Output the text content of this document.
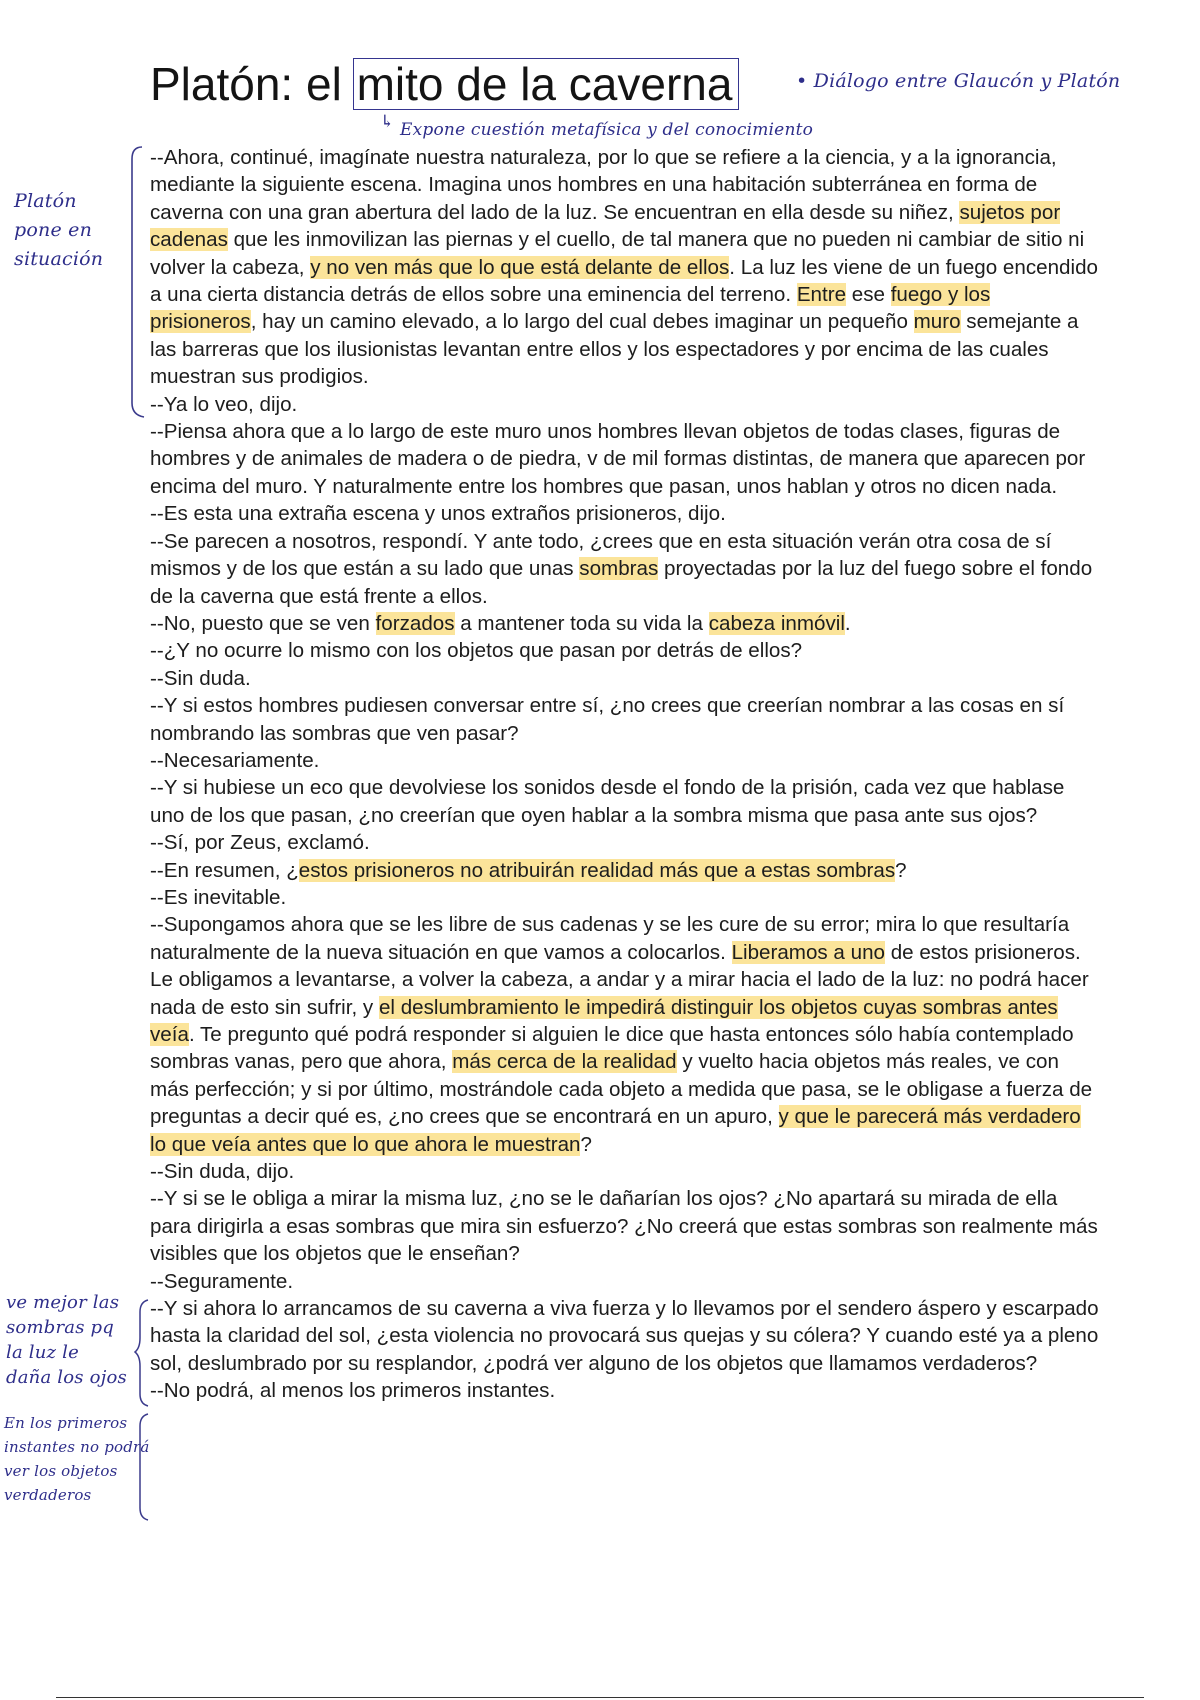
Platón: el mito de la caverna	• Diálogo entre Glaucón y Platón
↳ Expone cuestión metafísica y del conocimiento
Platón
pone en
situación
ve mejor las
sombras pq
la luz le
daña los ojos
En los primeros
instantes no podrá
ver los objetos
verdaderos

--Ahora, continué, imagínate nuestra naturaleza, por lo que se refiere a la ciencia, y a la ignorancia, mediante la siguiente escena. Imagina unos hombres en una habitación subterránea en forma de caverna con una gran abertura del lado de la luz. Se encuentran en ella desde su niñez, sujetos por cadenas que les inmovilizan las piernas y el cuello, de tal manera que no pueden ni cambiar de sitio ni volver la cabeza, y no ven más que lo que está delante de ellos. La luz les viene de un fuego encendido a una cierta distancia detrás de ellos sobre una eminencia del terreno. Entre ese fuego y los prisioneros, hay un camino elevado, a lo largo del cual debes imaginar un pequeño muro semejante a las barreras que los ilusionistas levantan entre ellos y los espectadores y por encima de las cuales muestran sus prodigios.

--Ya lo veo, dijo.

--Piensa ahora que a lo largo de este muro unos hombres llevan objetos de todas clases, figuras de hombres y de animales de madera o de piedra, v de mil formas distintas, de manera que aparecen por encima del muro. Y naturalmente entre los hombres que pasan, unos hablan y otros no dicen nada.

--Es esta una extraña escena y unos extraños prisioneros, dijo.

--Se parecen a nosotros, respondí. Y ante todo, ¿crees que en esta situación verán otra cosa de sí mismos y de los que están a su lado que unas sombras proyectadas por la luz del fuego sobre el fondo de la caverna que está frente a ellos.

--No, puesto que se ven forzados a mantener toda su vida la cabeza inmóvil.

--¿Y no ocurre lo mismo con los objetos que pasan por detrás de ellos?

--Sin duda.

--Y si estos hombres pudiesen conversar entre sí, ¿no crees que creerían nombrar a las cosas en sí nombrando las sombras que ven pasar?

--Necesariamente.

--Y si hubiese un eco que devolviese los sonidos desde el fondo de la prisión, cada vez que hablase uno de los que pasan, ¿no creerían que oyen hablar a la sombra misma que pasa ante sus ojos?

--Sí, por Zeus, exclamó.

--En resumen, ¿estos prisioneros no atribuirán realidad más que a estas sombras?

--Es inevitable.

--Supongamos ahora que se les libre de sus cadenas y se les cure de su error; mira lo que resultaría naturalmente de la nueva situación en que vamos a colocarlos. Liberamos a uno de estos prisioneros. Le obligamos a levantarse, a volver la cabeza, a andar y a mirar hacia el lado de la luz: no podrá hacer nada de esto sin sufrir, y el deslumbramiento le impedirá distinguir los objetos cuyas sombras antes veía. Te pregunto qué podrá responder si alguien le dice que hasta entonces sólo había contemplado sombras vanas, pero que ahora, más cerca de la realidad y vuelto hacia objetos más reales, ve con más perfección; y si por último, mostrándole cada objeto a medida que pasa, se le obligase a fuerza de preguntas a decir qué es, ¿no crees que se encontrará en un apuro, y que le parecerá más verdadero lo que veía antes que lo que ahora le muestran?

--Sin duda, dijo.

--Y si se le obliga a mirar la misma luz, ¿no se le dañarían los ojos? ¿No apartará su mirada de ella para dirigirla a esas sombras que mira sin esfuerzo? ¿No creerá que estas sombras son realmente más visibles que los objetos que le enseñan?

--Seguramente.

--Y si ahora lo arrancamos de su caverna a viva fuerza y lo llevamos por el sendero áspero y escarpado hasta la claridad del sol, ¿esta violencia no provocará sus quejas y su cólera? Y cuando esté ya a pleno sol, deslumbrado por su resplandor, ¿podrá ver alguno de los objetos que llamamos verdaderos?

--No podrá, al menos los primeros instantes.
